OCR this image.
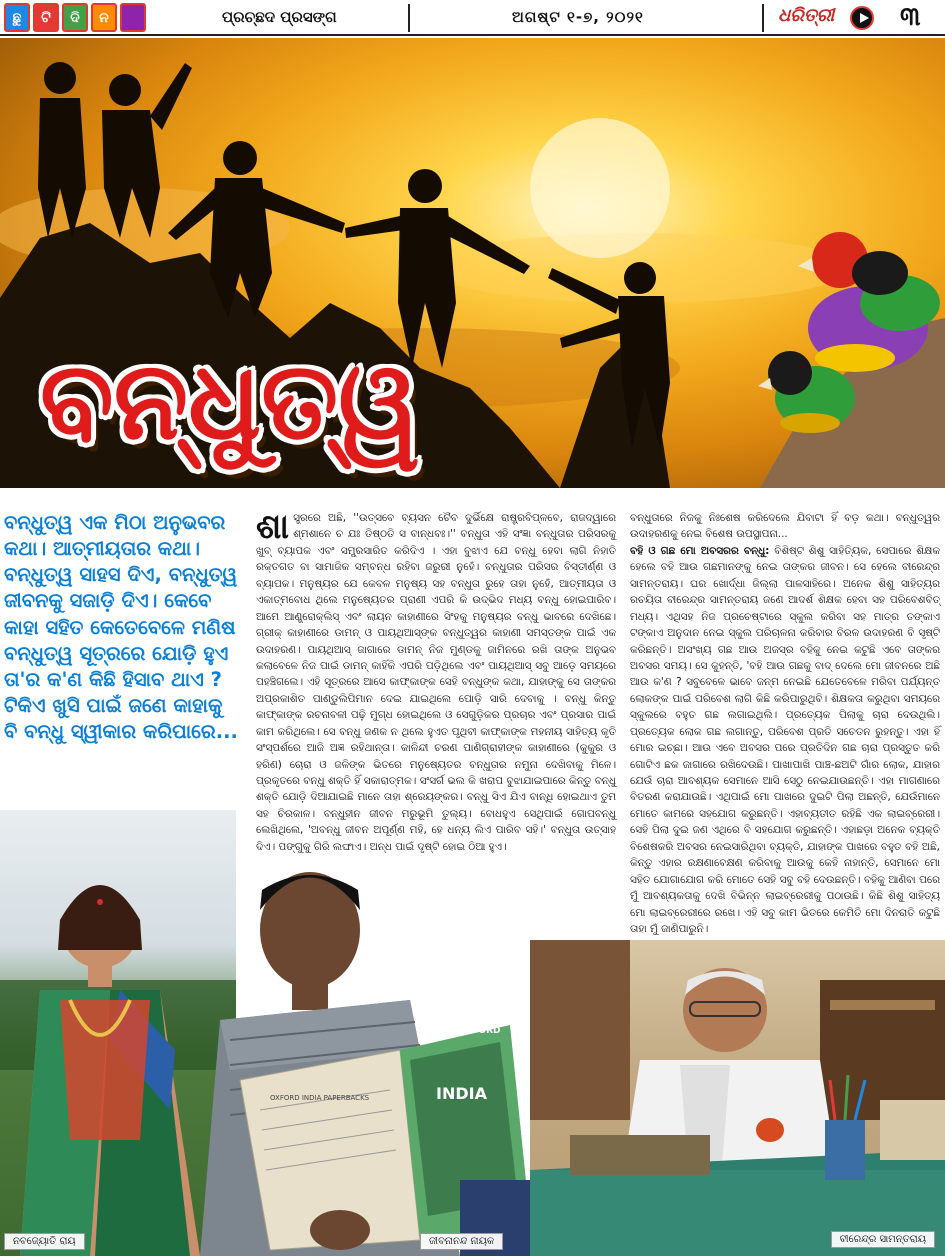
ଛୁ	ଟି	ଦି	ନ	ପ୍ରଚ୍ଛଦ ପ୍ରସଙ୍ଗ	ଅଗଷ୍ଟ ୧-୭, ୨୦୨୧	ଧରିତ୍ରୀ	୩
ବନ୍ଧୁତ୍ୱ
ବନ୍ଧୁତ୍ୱ ଏକ ମିଠା ଅନୁଭବର କଥା। ଆତ୍ମୀୟତାର କଥା। ବନ୍ଧୁତ୍ୱ ସାହସ ଦିଏ, ବନ୍ଧୁତ୍ୱ ଜୀବନକୁ ସଜାଡ଼ି ଦିଏ। କେବେ କାହା ସହିତ କେତେବେଳେ ମଣିଷ ବନ୍ଧୁତ୍ୱ ସୂତ୍ରରେ ଯୋଡ଼ି ହୁଏ ତା'ର କ'ଣ କିଛି ହିସାବ ଥାଏ ? ଟିକିଏ ଖୁସି ପାଇଁ ଜଣେ କାହାକୁ ବି ବନ୍ଧୁ ସ୍ୱୀକାର କରିପାରେ...
ଶା ସ୍ତ୍ରରେ ଅଛି, ''ଉତ୍ସବେ ବ୍ୟସନ ଚୈବ ଦୁର୍ଭିକ୍ଷେ ରାଷ୍ଟ୍ରବିପ୍ଳବେ, ରାଜଦ୍ୱାରେ ଶ୍ମଶାନେ ଚ ଯଃ ତିଷ୍ଠତି ସ ବାନ୍ଧବଃ।'' ବନ୍ଧୁତା ଏହି ସଂଜ୍ଞା ବନ୍ଧୁତାର ପରିସରକୁ ଖୁବ୍ ବ୍ୟାପକ ଏବଂ ସମ୍ପ୍ରସାରିତ କରିଦିଏ । ଏହା ବୁଝାଏ ଯେ ବନ୍ଧୁ ହେବା ଲାଗି ନିହାତି ରକ୍ତଗତ ବା ସାମାଜିକ ସମ୍ବନ୍ଧ ରହିବା ଜରୁରୀ ନୁହେଁ। ବନ୍ଧୁତାର ପରିସର ବିସ୍ତୀର୍ଣ୍ଣ ଓ ବ୍ୟାପକ। ମନୁଷ୍ୟର ଯେ କେବଳ ମନୁଷ୍ୟ ସହ ବନ୍ଧୁତା ରୁହେ ତାହା ନୁହେଁ, ଆତ୍ମୀୟତା ଓ ଏକାତ୍ମବୋଧ ଥିଲେ ମନୁଷ୍ୟେତର ପ୍ରାଣୀ ଏପରି କି ଉଦ୍ଭିଦ ମଧ୍ୟ ବନ୍ଧୁ ହୋଇପାରିବ। ଆମେ ଆଣ୍ଡ୍ରୋକ୍ଲିସ୍ ଏବଂ ଲାୟନ କାହାଣୀରେ ସିଂହକୁ ମନୁଷ୍ୟର ବନ୍ଧୁ ଭାବରେ ଦେଖିଛେ। ଗ୍ରୀକ୍ କାହାଣୀରେ ଡାମନ୍ ଓ ପାୟଥିଆସ୍‌ଙ୍କ ବନ୍ଧୁତ୍ୱର କାହାଣୀ ସମସ୍ତଙ୍କ ପାଇଁ ଏକ ଉଦାହରଣ। ପାୟଥିଆସ୍ ଜାଗାରେ ଡାମନ୍ ନିଜ ମୁଣ୍ଡକୁ ଜାମିନରେ ରଖି ତାଙ୍କ ଅନୁଭବ କଲାବେଳେ ନିଜ ପାଇଁ ଡାମନ୍ କାହିଁକି ଏପରି ପଡ଼ିଥିଲେ ଏବଂ ପାୟଥିଆସ୍ ସବୁ ଆଡ଼େ ସମୟରେ ପହଞ୍ଚିଗଲେ। ଏହି ସୂତ୍ରରେ ଆସେ କାଫ୍‌କାଙ୍କ ସେହି ବନ୍ଧୁଙ୍କ କଥା, ଯାହାଙ୍କୁ ସେ ତାଙ୍କର ଅପ୍ରକାଶିତ ପାଣ୍ଡୁଲିପିମାନ ଦେଇ ଯାଇଥିଲେ ପୋଡ଼ି ସାରି ଦେବାକୁ । ବନ୍ଧୁ କିନ୍ତୁ କାଫ୍‌କାଙ୍କ ରଚନାବଳୀ ପଢ଼ି ମୁଗ୍ଧ ହୋଇଥିଲେ ଓ ସେଗୁଡ଼ିକର ପ୍ରଚାର ଏବଂ ପ୍ରସାର ପାଇଁ କାମ କରିଥିଲେ। ସେ ବନ୍ଧୁ ଜଣକ ନ ଥିଲେ ହୁଏତ ପୃଥିବୀ କାଫ୍‌କାଙ୍କ ମହନୀୟ ସାହିତ୍ୟ କୃତି ସଂସ୍ପର୍ଶରେ ଆଜି ଅଜ୍ଞ ରହିଥାନ୍ତା। କାଳିନ୍ଦୀ ଚରଣ ପାଣିଗ୍ରାହୀଙ୍କ କାହାଣୀରେ (କୁକୁର ଓ ହରିଣ) ଚୋରା ଓ ଜଳିଙ୍କ ଭିତରେ ମନୁଷ୍ୟେତର ବନ୍ଧୁତାର ନମୁନା ଦେଖିବାକୁ ମିଳେ। ପ୍ରକୃତରେ ବନ୍ଧୁ ଶକ୍ତି ହିଁ ସକାରାତ୍ମକ। ସଂସର୍ଗ ଭଲ କି ଖରାପ ବୁଝାଯାଇପାରେ କିନ୍ତୁ ବନ୍ଧୁ ଶକ୍ତି ଯୋଡ଼ି ଦିଆଯାଇଛି ମାନେ ତାହା ଶ୍ରେୟଙ୍କର। ବନ୍ଧୁ ସିଏ ଯିଏ ବାନ୍ଧି ହୋଇଥାଏ ତୁମ ସହ ଚିରକାଳ। ବନ୍ଧୁହୀନ ଜୀବନ ମରୁଭୂମି ତୁଲ୍ୟ। ବୋଧହୁଏ ସେଥିପାଇଁ ଗୋପବନ୍ଧୁ ଲେଖିଥିଲେ, 'ଅବନ୍ଧୁ ଜୀବନ ଅପୂର୍ଣ୍ଣ ମହି, ହେ ଧନ୍ୟ ଲିଏ ପାରିବ ସହି।' ବନ୍ଧୁତା ଉତ୍ସାହ ଦିଏ। ପଙ୍ଗୁକୁ ଗିରି ଲଙ୍ଘାଏ। ଅନ୍ଧ ପାଇଁ ଦୃଷ୍ଟି ହୋଇ ଠିଆ ହୁଏ।

ବନ୍ଧୁତାରେ ନିଜକୁ ନିଃଶେଷ କରିଦେଲେ ଯିବାଟା ହିଁ ବଡ଼ କଥା। ବନ୍ଧୁତ୍ୱର ଉଦାହରଣକୁ ନେଇ ବିଶେଷ ଉପସ୍ଥାପନା...

ବହି ଓ ଗଛ ମୋ ଅବସରର ବନ୍ଧୁ: ବିଶିଷ୍ଟ ଶିଶୁ ସାହିତ୍ୟିକ, ସେପାରେ ଶିକ୍ଷକ ହେଲେ ବହି ଆଉ ଗଛମାନଙ୍କୁ ନେଇ ତାଙ୍କର ଜୀବନ। ସେ ହେଲେ ବୀରେନ୍ଦ୍ର ସାମନ୍ତରାୟ। ଘର ଖୋର୍ଦ୍ଧା ଜିଲ୍ଲା ପାଳସାହିରେ। ଅନେକ ଶିଶୁ ସାହିତ୍ୟର ରଚୟିତା ବୀରେନ୍ଦ୍ର ସାମନ୍ତରାୟ ଜଣେ ଆଦର୍ଶ ଶିକ୍ଷକ ହେବା ସହ ପରିବେଶବିତ୍ ମଧ୍ୟ। ଏଥିସହ ନିଜ ପ୍ରଚେଷ୍ଟାରେ ସ୍କୁଲ କରିବା ସହ ମାତ୍ର ତଙ୍କାଏ ଟଙ୍କାଏ ଅନୁଦାନ ନେଇ ସ୍କୁଲ ପରିଚାଳନା କରିବାର ବିରଳ ଉଦାହରଣ ବି ସୃଷ୍ଟି କରିଛନ୍ତି। ଅସଂଖ୍ୟ ଗଛ ଆଉ ଅଜସ୍ର ବହିକୁ ନେଇ କଟୁଛି ଏବେ ତାଙ୍କର ଅବସର ସମୟ। ସେ କୁହନ୍ତି, 'ବହି ଆଉ ଗଛକୁ ବାଦ୍ ଦେଲେ ମୋ ଜୀବନରେ ଅଛି ଆଉ କ'ଣ ? ସବୁବେଳେ ଭାବେ ଜନ୍ମ ନେଇଛି ଯେତେବେଳେ ମରିବା ପର୍ଯ୍ୟନ୍ତ ଲୋକଙ୍କ ପାଇଁ ପରିବେଶ ଲାଗି କିଛି କରିପାରୁଥିବି। ଶିକ୍ଷକତା କରୁଥିବା ସମୟରେ ସ୍କୁଲରେ ବହୁତ ଗଛ ଲଗାଇଥିଲି। ପ୍ରତ୍ୟେକ ପିଲାକୁ ଚାରା ଦେଉଥିଲି। ପ୍ରତ୍ୟେକ ଲୋକ ଗଛ ଲଗାନ୍ତୁ, ପରିବେଶ ପ୍ରତି ସଚେତନ ରୁହନ୍ତୁ। ଏହା ହିଁ ମୋର ଇଚ୍ଛା। ଆଉ ଏବେ ଅବସର ପରେ ପ୍ରତିଦିନ ଗଛ ଚାରା ପ୍ରସ୍ତୁତ କରି ଗୋଟିଏ ଛକ ଜାଗାରେ ରଖିଦେଉଛି। ପାଖାପାଖି ପାଞ୍ଚ-ଛଅଟି ଗାଁର ଲୋକ, ଯାହାର ଯେଉଁ ଚାରା ଆବଶ୍ୟକ ସେମାନେ ଆସି ସେଠୁ ନେଇଯାଉଛନ୍ତି। ଏହା ମାଗଣାରେ ବିତରଣ କରାଯାଉଛି। ଏଥିପାଇଁ ମୋ ପାଖରେ ଦୁଇଟି ପିଲା ଅଛନ୍ତି, ଯେଉଁମାନେ ମୋତେ କାମରେ ସହଯୋଗ କରୁଛନ୍ତି। ଏହାବ୍ୟତୀତ ରହିଛି ଏକ ଲାଇବ୍ରେରୀ। ସେହି ପିଲା ଦୁଇ ଜଣ ଏଥିରେ ବି ସହଯୋଗ କରୁଛନ୍ତି। ଏହାଛଡ଼ା ଅନେକ ବ୍ୟକ୍ତି ବିଶେଷକରି ଅବସର ନେଇସାରିଥିବା ବ୍ୟକ୍ତି, ଯାହାଙ୍କ ପାଖରେ ବହୁତ ବହି ଅଛି, କିନ୍ତୁ ଏହାର ରକ୍ଷଣାବେକ୍ଷଣ କରିବାକୁ ଆଉକୁ କେହି ନାହାନ୍ତି, ସେମାନେ ମୋ ସହିତ ଯୋଗାଯୋଗ କରି ମୋତେ ସେହି ସବୁ ବହି ଦେଉଛନ୍ତି। ବହିକୁ ଆଣିବା ପରେ ମୁଁ ଆବଶ୍ୟକତାକୁ ଦେଖି ବିଭିନ୍ନ ଲାଇବ୍ରେରୀକୁ ପଠାଉଛି। କିଛି ଶିଶୁ ସାହିତ୍ୟ ମୋ ଲାଇବ୍ରେରୀରେ ରଖେ। ଏହି ସବୁ କାମ ଭିତରେ କେମିତି ମୋ ଦିନରାତି କଟୁଛି ତାହା ମୁଁ ଜାଣିପାରୁନି।

ନବଜ୍ୟୋତି ରାୟ
OXFORD
INDIA
OXFORD INDIA PAPERBACKS
ଜୀବନାନନ୍ଦ ନାୟକ	ବୀରେନ୍ଦ୍ର ସାମନ୍ତରାୟ
